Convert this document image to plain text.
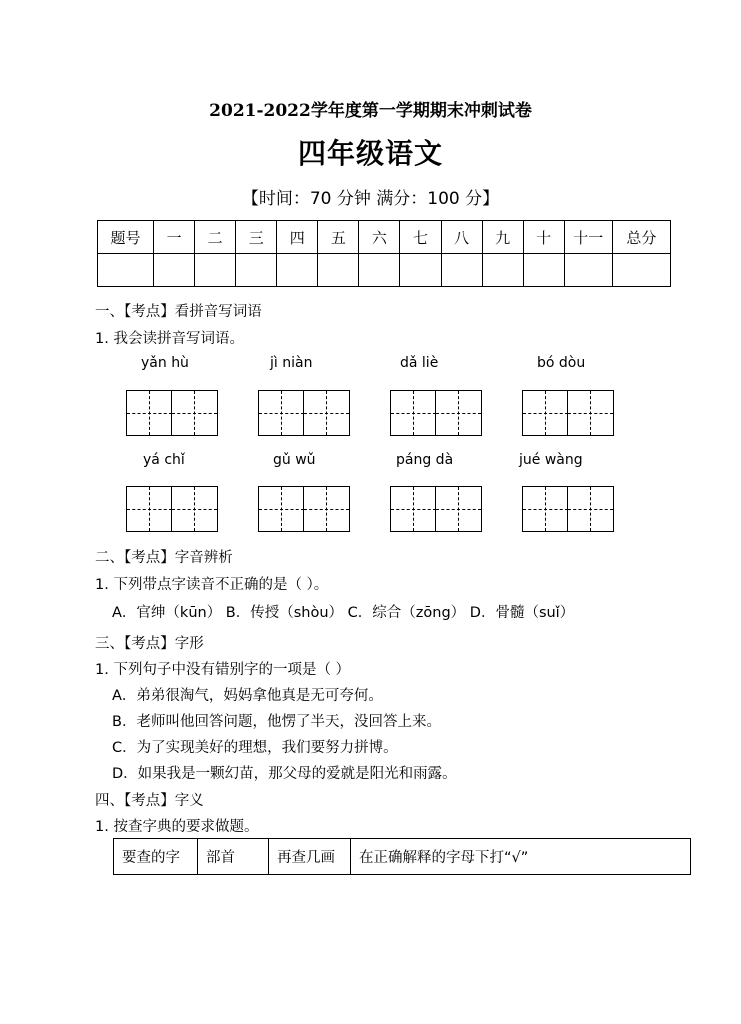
2021-2022学年度第一学期期末冲刺试卷
四年级语文
【时间：70 分钟 满分：100 分】
题号	一	二	三	四	五	六	七	八	九	十	十一	总分

一、【考点】看拼音写词语
1. 我会读拼音写词语。
yǎn hù	jì niàn	dǎ liè	bó dòu
yá chǐ	gǔ wǔ	páng dà	jué wàng
二、【考点】字音辨析
1. 下列带点字读音不正确的是（ ）。
A．官绅（kūn） B．传授（shòu） C．综合（zōng） D．骨髓（suǐ）
三、【考点】字形
1. 下列句子中没有错别字的一项是（ ）
A．弟弟很淘气，妈妈拿他真是无可夸何。
B．老师叫他回答问题，他愣了半天，没回答上来。
C．为了实现美好的理想，我们要努力拼博。
D．如果我是一颗幻苗，那父母的爱就是阳光和雨露。
四、【考点】字义
1. 按查字典的要求做题。
要查的字	部首	再查几画	在正确解释的字母下打“√”
